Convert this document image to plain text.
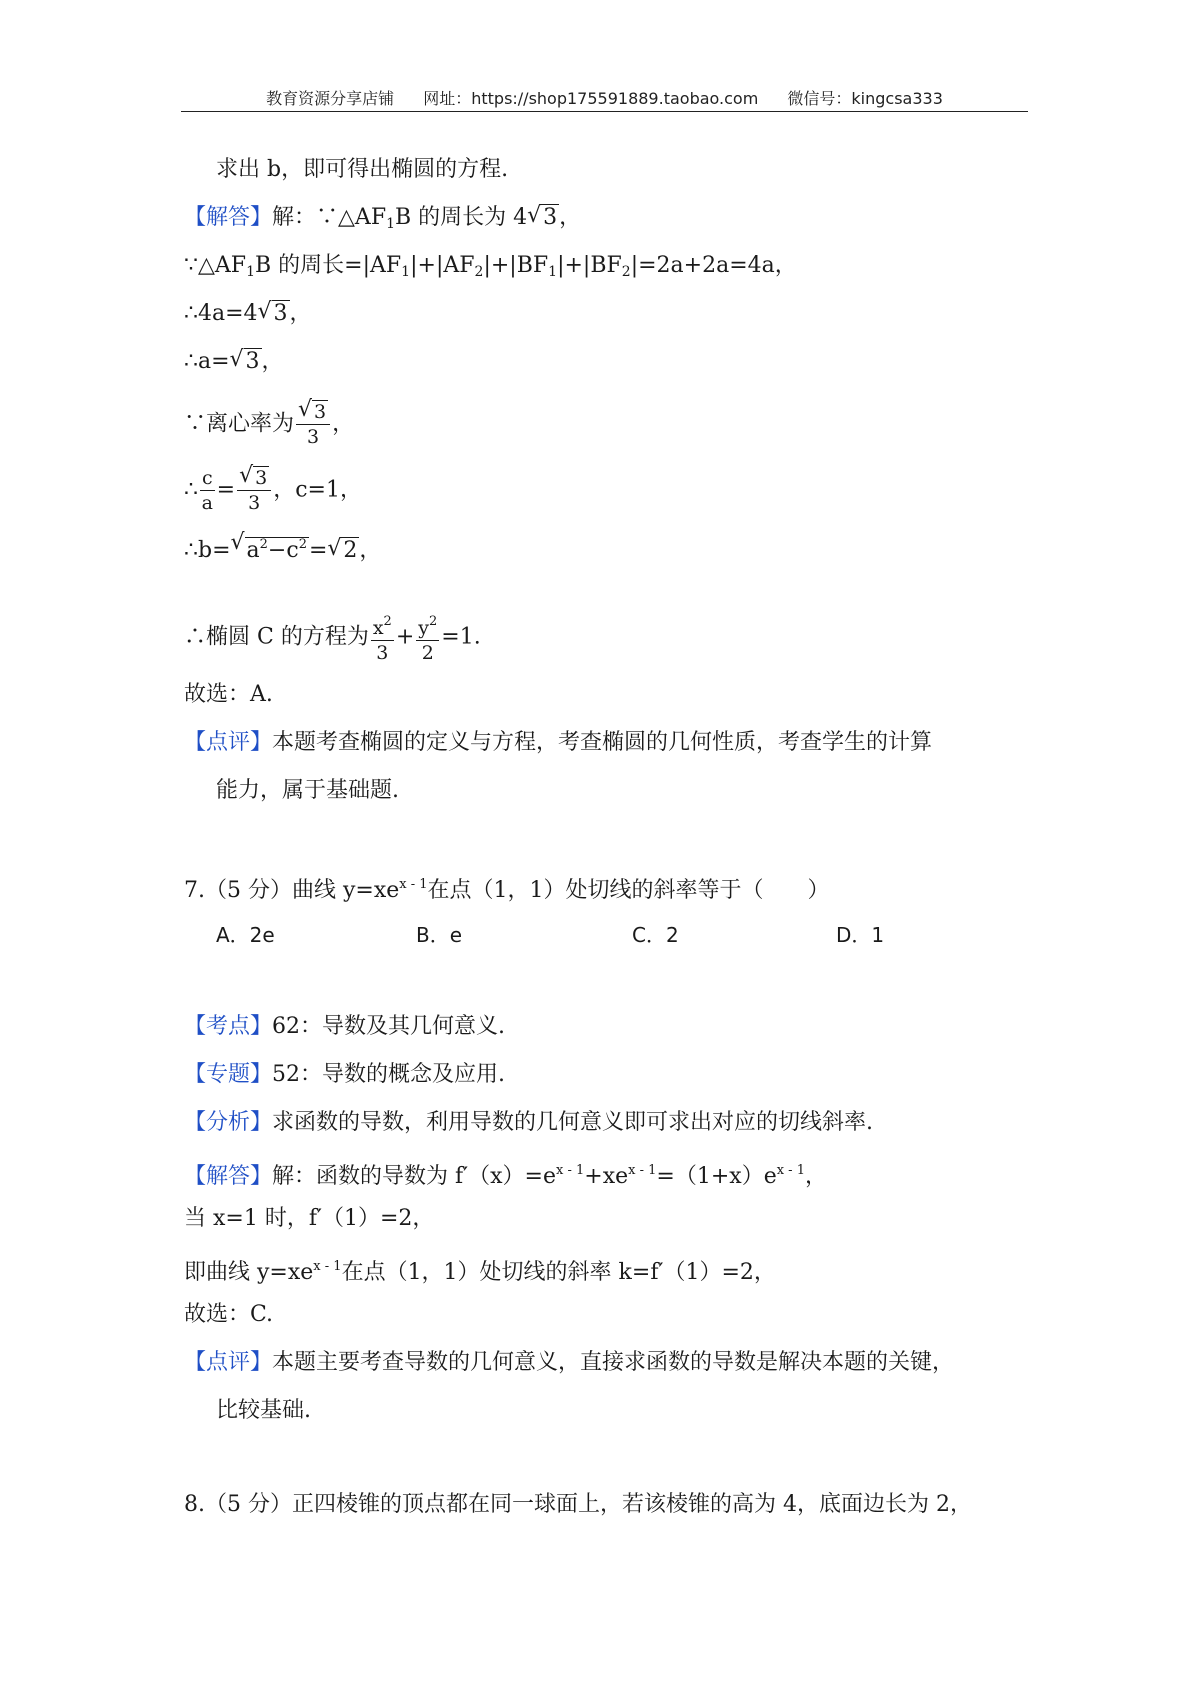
教育资源分享店铺 网址：https://shop175591889.taobao.com 微信号：kingcsa333
求出 b，即可得出椭圆的方程.
【解答】解：$\because\triangle AF_1B$ 的周长为 4√ 3，
$\because\triangle AF_1B$ 的周长$=|AF_1|+|AF_2|+|BF_1|+|BF_2|=2a+2a=4a$，
∴4a=4√ 3，
∴a=√ 3，
∵离心率为
√ $\frac{3}{3}$ ，
∴ $\frac{c}{a}$ =
√ $\frac{3}{3}$ ，c=1，
∴b=√ $a^2-c^2=√$ 2，
∴椭圆 C 的方程为 $\frac{x^2}{3} + \frac{y^2}{2} =1$.
故选：A.
【点评】本题考查椭圆的定义与方程，考查椭圆的几何性质，考查学生的计算
能力，属于基础题.
7.（5 分）曲线 $y=xe^{x - 1}$在点（1，1）处切线的斜率等于（　　）
A．2e	B．e	C．2	D．1
【考点】62：导数及其几何意义.
【专题】52：导数的概念及应用.
【分析】求函数的导数，利用导数的几何意义即可求出对应的切线斜率.
【解答】解：函数的导数为 $f'(x)=e^{x - 1}+xe^{x - 1}=(1+x)e^{x - 1}$，
当 x=1 时，f′（1）=2，
即曲线 $y=xe^{x - 1}$在点（1，1）处切线的斜率 k=f′（1）=2，
故选：C.
【点评】本题主要考查导数的几何意义，直接求函数的导数是解决本题的关键，
比较基础.
8.（5 分）正四棱锥的顶点都在同一球面上，若该棱锥的高为 4，底面边长为 2，
